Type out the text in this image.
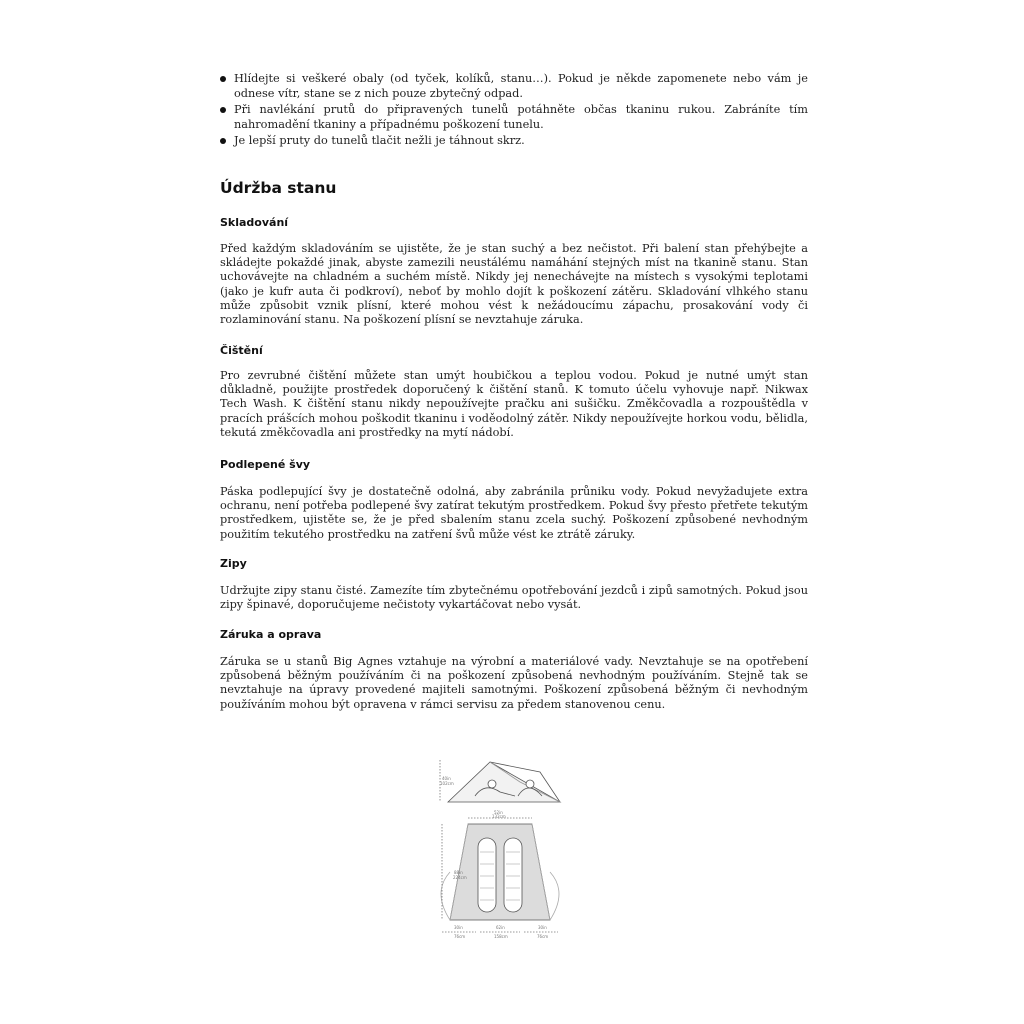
Hlídejte si veškeré obaly (od tyček, kolíků, stanu…). Pokud je někde zapomenete nebo vám je odnese vítr, stane se z nich pouze zbytečný odpad.
Při navlékání prutů do připravených tunelů potáhněte občas tkaninu rukou. Zabráníte tím nahromadění tkaniny a případnému poškození tunelu.
Je lepší pruty do tunelů tlačit nežli je táhnout skrz.
Údržba stanu
Skladování

Před každým skladováním se ujistěte, že je stan suchý a bez nečistot. Při balení stan přehýbejte a skládejte pokaždé jinak, abyste zamezili neustálému namáhání stejných míst na tkanině stanu. Stan uchovávejte na chladném a suchém místě. Nikdy jej nenechávejte na místech s vysokými teplotami (jako je kufr auta či podkroví), neboť by mohlo dojít k poškození zátěru. Skladování vlhkého stanu může způsobit vznik plísní, které mohou vést k nežádoucímu zápachu, prosakování vody či rozlaminování stanu. Na poškození plísní se nevztahuje záruka.

Čištění

Pro zevrubné čištění můžete stan umýt houbičkou a teplou vodou. Pokud je nutné umýt stan důkladně, použijte prostředek doporučený k čištění stanů. K tomuto účelu vyhovuje např. Nikwax Tech Wash. K čištění stanu nikdy nepoužívejte pračku ani sušičku. Změkčovadla a rozpouštědla v pracích prášcích mohou poškodit tkaninu i voděodolný zátěr. Nikdy nepoužívejte horkou vodu, bělidla, tekutá změkčovadla ani prostředky na mytí nádobí.

Podlepené švy

Páska podlepující švy je dostatečně odolná, aby zabránila průniku vody. Pokud nevyžadujete extra ochranu, není potřeba podlepené švy zatírat tekutým prostředkem. Pokud švy přesto přetřete tekutým prostředkem, ujistěte se, že je před sbalením stanu zcela suchý. Poškození způsobené nevhodným použitím tekutého prostředku na zatření švů může vést ke ztrátě záruky.

Zipy

Udržujte zipy stanu čisté. Zamezíte tím zbytečnému opotřebování jezdců i zipů samotných. Pokud jsou zipy špinavé, doporučujeme nečistoty vykartáčovat nebo vysát.

Záruka a oprava

Záruka se u stanů Big Agnes vztahuje na výrobní a materiálové vady. Nevztahuje se na opotřebení způsobená běžným používáním či na poškození způsobená nevhodným používáním. Stejně tak se nevztahuje na úpravy provedené majiteli samotnými. Poškození způsobená běžným či nevhodným používáním mohou být opravena v rámci servisu za předem stanovenou cenu.

40in
102cm
52in
132cm
88in
224cm
30in
76cm
62in
158cm
30in
76cm
